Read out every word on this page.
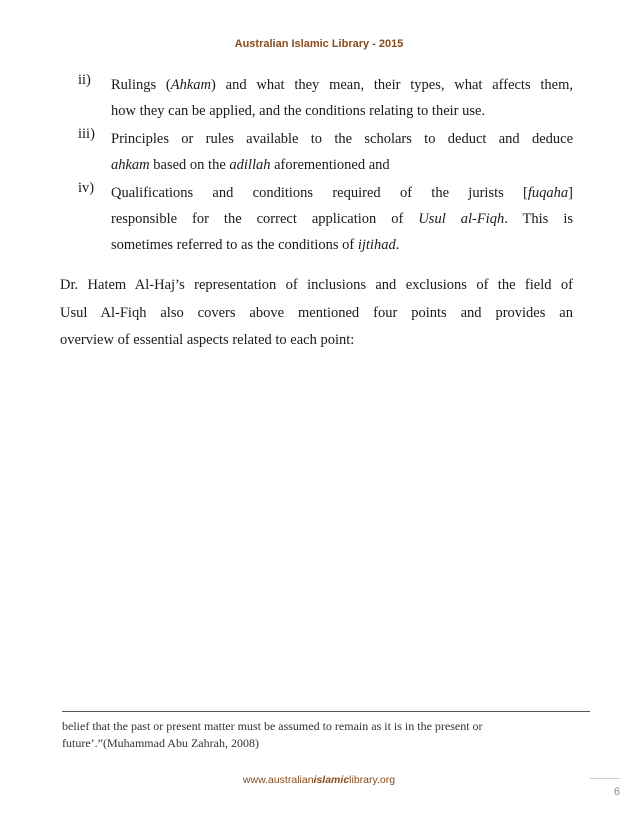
Australian Islamic Library - 2015
ii) Rulings (Ahkam) and what they mean, their types, what affects them,
how they can be applied, and the conditions relating to their use.
iii) Principles or rules available to the scholars to deduct and deduce
ahkam based on the adillah aforementioned and
iv) Qualifications and conditions required of the jurists [fuqaha]
responsible for the correct application of Usul al-Fiqh. This is
sometimes referred to as the conditions of ijtihad.
Dr. Hatem Al-Haj’s representation of inclusions and exclusions of the field of
Usul Al-Fiqh also covers above mentioned four points and provides an
overview of essential aspects related to each point:
belief that the past or present matter must be assumed to remain as it is in the present or
future’.”(Muhammad Abu Zahrah, 2008)
www.australianislamiclibrary.org
6
